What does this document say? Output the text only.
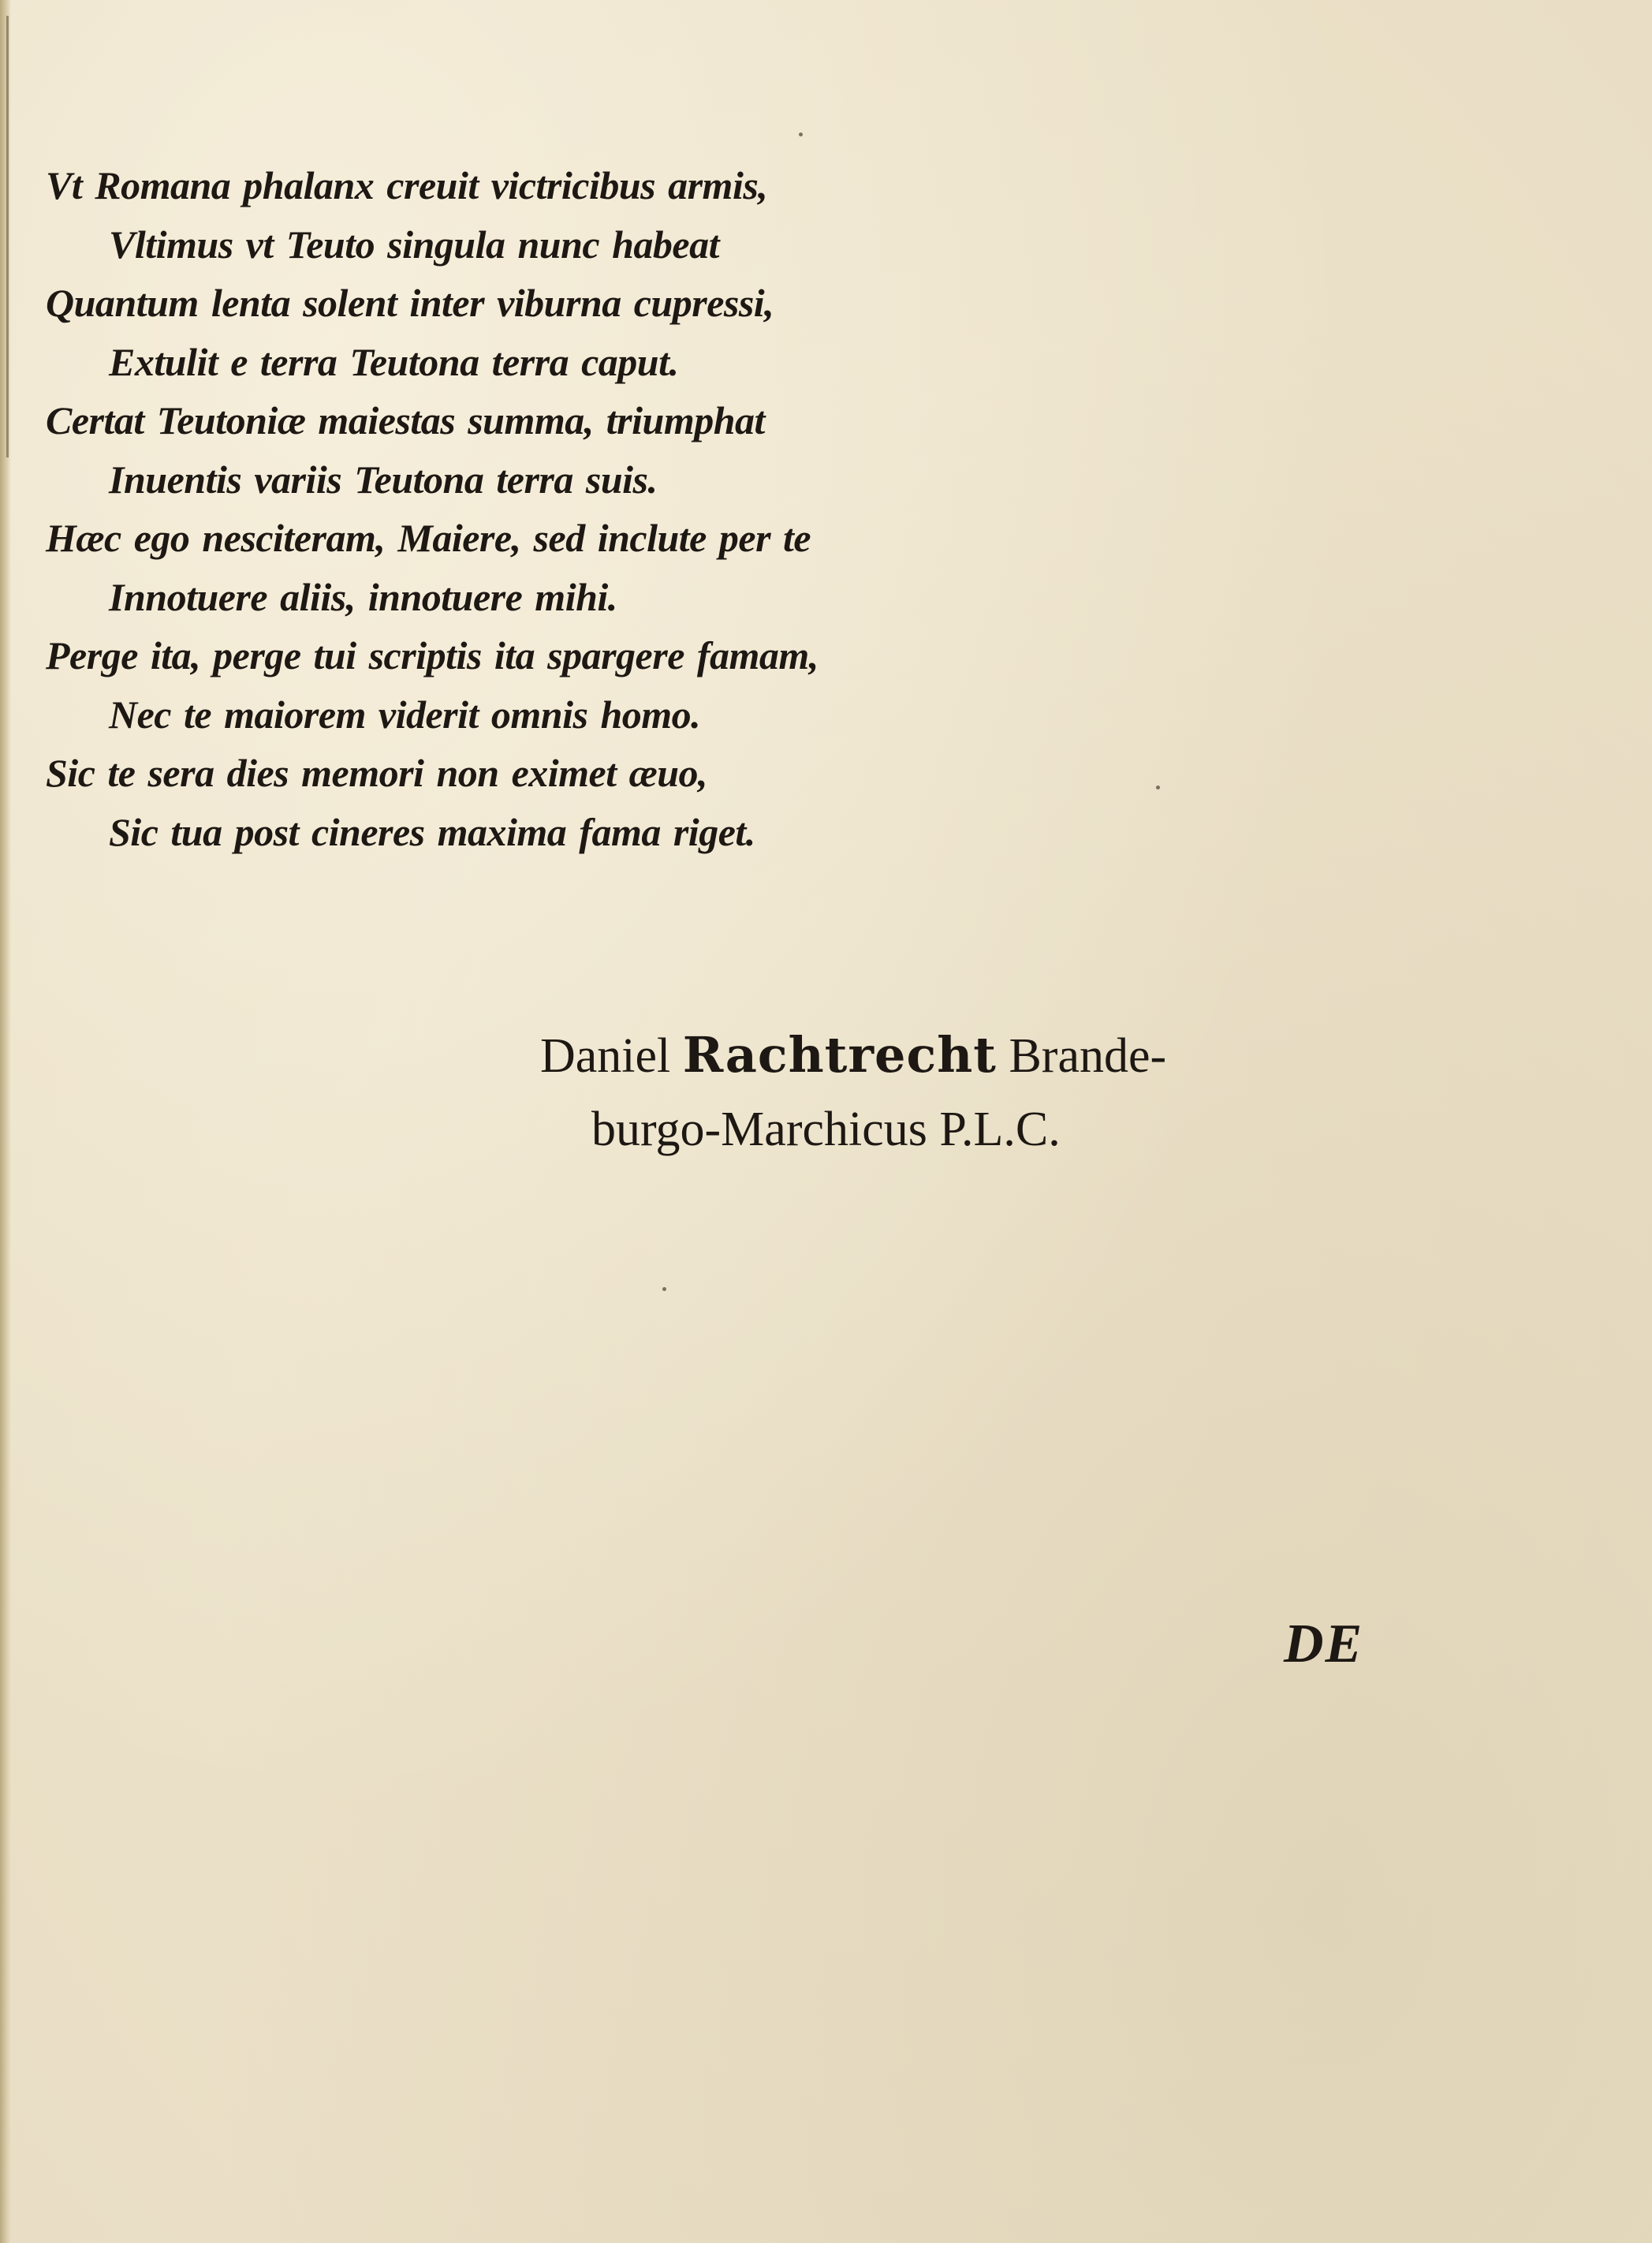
Vt Romana phalanx creuit victricibus armis,
Vltimus vt Teuto singula nunc habeat
Quantum lenta solent inter viburna cupressi,
Extulit e terra Teutona terra caput.
Certat Teutoniæ maiestas summa, triumphat
Inuentis variis Teutona terra suis.
Hæc ego nesciteram, Maiere, sed inclute per te
Innotuere aliis, innotuere mihi.
Perge ita, perge tui scriptis ita spargere famam,
Nec te maiorem viderit omnis homo.
Sic te sera dies memori non eximet æuo,
Sic tua post cineres maxima fama riget.
Daniel Rachtrecht Brande-
burgo-Marchicus P.L.C.
DE
